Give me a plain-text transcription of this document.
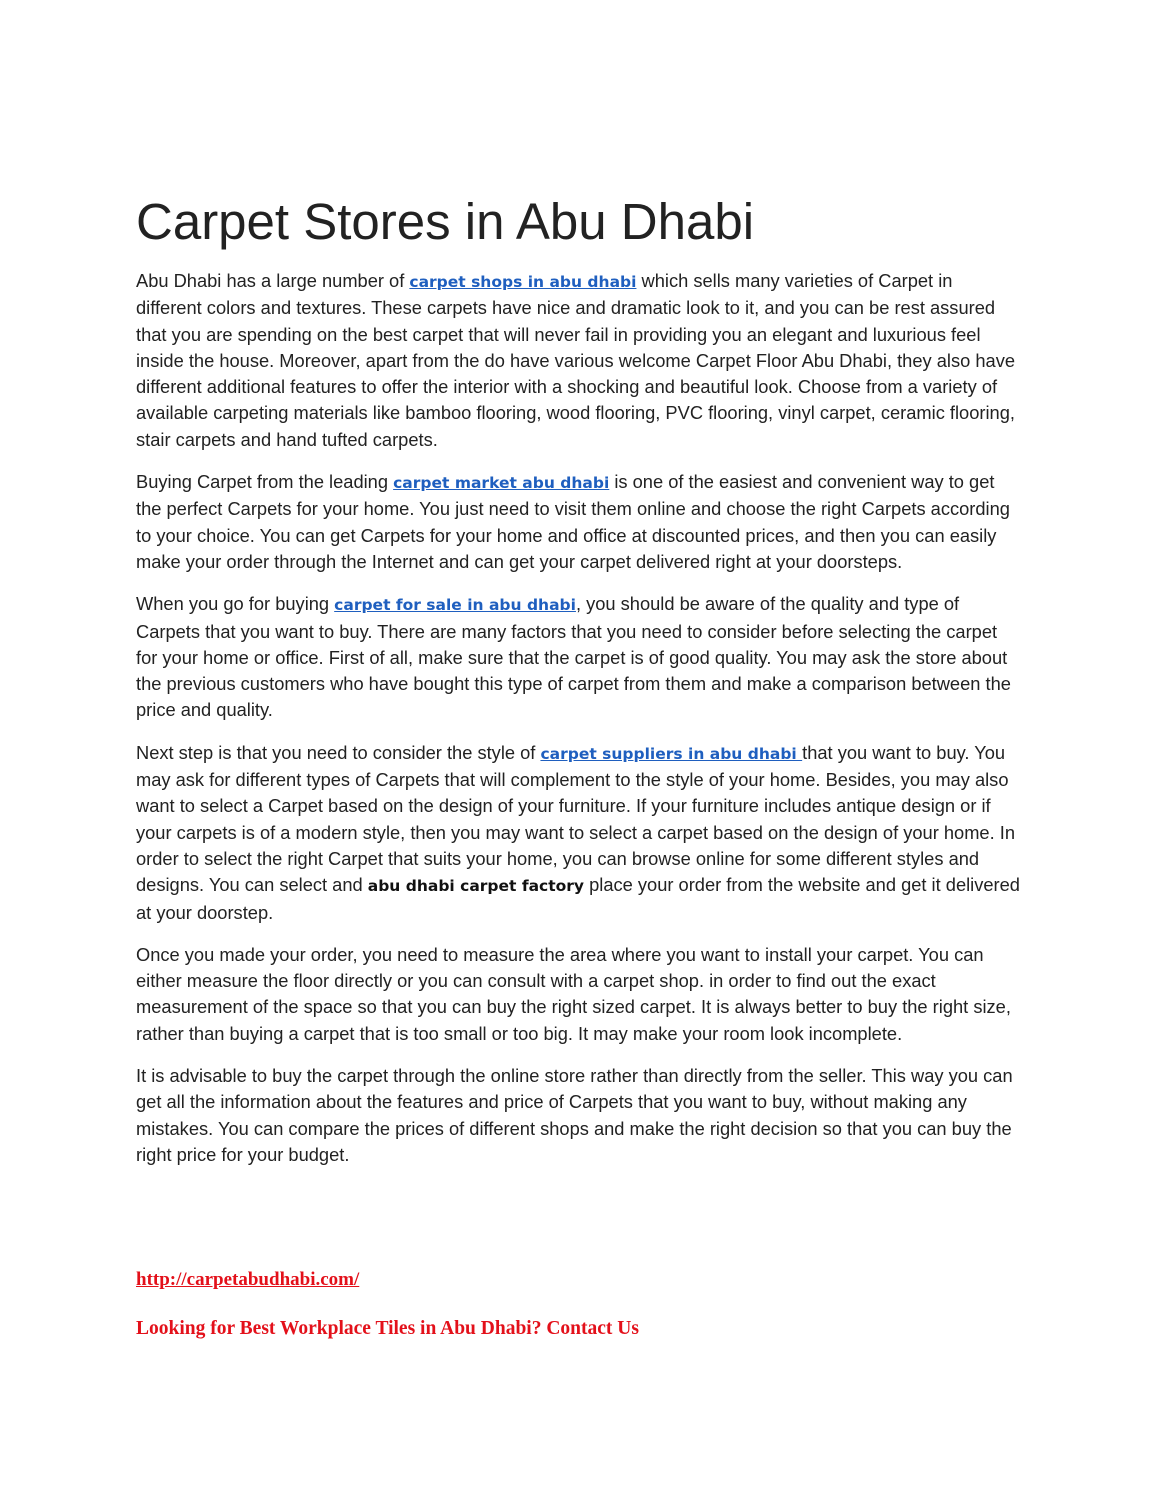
Carpet Stores in Abu Dhabi

Abu Dhabi has a large number of carpet shops in abu dhabi which sells many varieties of Carpet in different colors and textures. These carpets have nice and dramatic look to it, and you can be rest assured that you are spending on the best carpet that will never fail in providing you an elegant and luxurious feel inside the house. Moreover, apart from the do have various welcome Carpet Floor Abu Dhabi, they also have different additional features to offer the interior with a shocking and beautiful look. Choose from a variety of available carpeting materials like bamboo flooring, wood flooring, PVC flooring, vinyl carpet, ceramic flooring, stair carpets and hand tufted carpets.

Buying Carpet from the leading carpet market abu dhabi is one of the easiest and convenient way to get the perfect Carpets for your home. You just need to visit them online and choose the right Carpets according to your choice. You can get Carpets for your home and office at discounted prices, and then you can easily make your order through the Internet and can get your carpet delivered right at your doorsteps.

When you go for buying carpet for sale in abu dhabi, you should be aware of the quality and type of Carpets that you want to buy. There are many factors that you need to consider before selecting the carpet for your home or office. First of all, make sure that the carpet is of good quality. You may ask the store about the previous customers who have bought this type of carpet from them and make a comparison between the price and quality.

Next step is that you need to consider the style of carpet suppliers in abu dhabi that you want to buy. You may ask for different types of Carpets that will complement to the style of your home. Besides, you may also want to select a Carpet based on the design of your furniture. If your furniture includes antique design or if your carpets is of a modern style, then you may want to select a carpet based on the design of your home. In order to select the right Carpet that suits your home, you can browse online for some different styles and designs. You can select and abu dhabi carpet factory place your order from the website and get it delivered at your doorstep.

Once you made your order, you need to measure the area where you want to install your carpet. You can either measure the floor directly or you can consult with a carpet shop. in order to find out the exact measurement of the space so that you can buy the right sized carpet. It is always better to buy the right size, rather than buying a carpet that is too small or too big. It may make your room look incomplete.

It is advisable to buy the carpet through the online store rather than directly from the seller. This way you can get all the information about the features and price of Carpets that you want to buy, without making any mistakes. You can compare the prices of different shops and make the right decision so that you can buy the right price for your budget.

http://carpetabudhabi.com/
Looking for Best Workplace Tiles in Abu Dhabi? Contact Us
